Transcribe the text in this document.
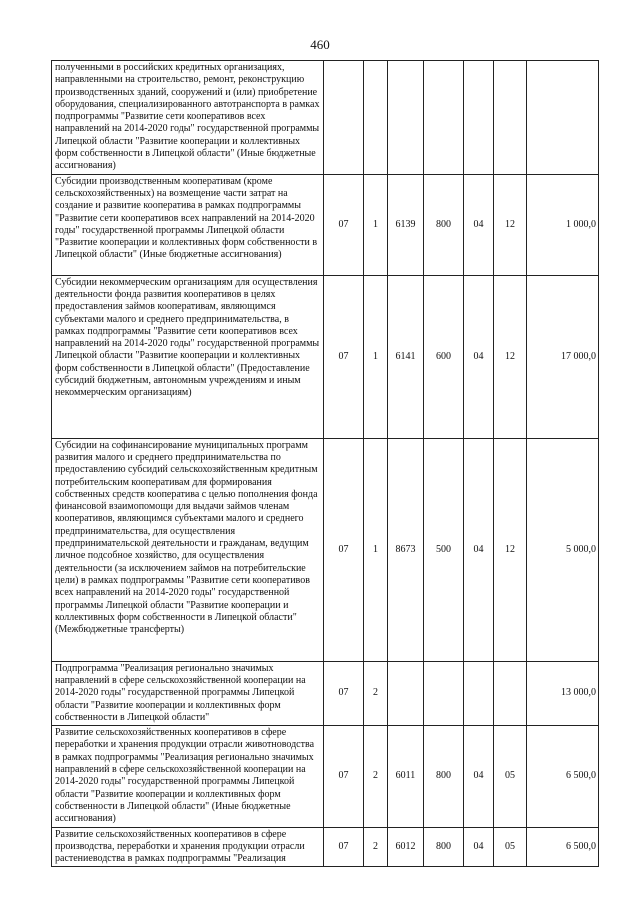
460
полученными в российских кредитных организациях, направленными на строительство, ремонт, реконструкцию производственных зданий, сооружений и (или) приобретение оборудования, специализированного автотранспорта в рамках подпрограммы "Развитие сети кооперативов всех направлений на 2014-2020 годы" государственной программы Липецкой области "Развитие кооперации и коллективных форм собственности в Липецкой области" (Иные бюджетные ассигнования)							
Субсидии производственным кооперативам (кроме сельскохозяйственных) на возмещение части затрат на создание и развитие кооператива в рамках подпрограммы "Развитие сети кооперативов всех направлений на 2014-2020 годы" государственной программы Липецкой области "Развитие кооперации и коллективных форм собственности в Липецкой области" (Иные бюджетные ассигнования)	07	1	6139	800	04	12	1 000,0
Субсидии некоммерческим организациям для осуществления деятельности фонда развития кооперативов в целях предоставления займов кооперативам, являющимся субъектами малого и среднего предпринимательства, в рамках подпрограммы "Развитие сети кооперативов всех направлений на 2014-2020 годы" государственной программы Липецкой области "Развитие кооперации и коллективных форм собственности в Липецкой области" (Предоставление субсидий бюджетным, автономным учреждениям и иным некоммерческим организациям)	07	1	6141	600	04	12	17 000,0
Субсидии на софинансирование муниципальных программ развития малого и среднего предпринимательства по предоставлению субсидий сельскохозяйственным кредитным потребительским кооперативам для формирования собственных средств кооператива с целью пополнения фонда финансовой взаимопомощи для выдачи займов членам кооперативов, являющимся субъектами малого и среднего предпринимательства, для осуществления предпринимательской деятельности и гражданам, ведущим личное подсобное хозяйство, для осуществления деятельности (за исключением займов на потребительские цели) в рамках подпрограммы "Развитие сети кооперативов всех направлений на 2014-2020 годы" государственной программы Липецкой области "Развитие кооперации и коллективных форм собственности в Липецкой области" (Межбюджетные трансферты)	07	1	8673	500	04	12	5 000,0
Подпрограмма "Реализация регионально значимых направлений в сфере сельскохозяйственной кооперации на 2014-2020 годы" государственной программы Липецкой области "Развитие кооперации и коллективных форм собственности в Липецкой области"	07	2					13 000,0
Развитие сельскохозяйственных кооперативов в сфере переработки и хранения продукции отрасли животноводства в рамках подпрограммы "Реализация регионально значимых направлений в сфере сельскохозяйственной кооперации на 2014-2020 годы" государственной программы Липецкой области "Развитие кооперации и коллективных форм собственности в Липецкой области" (Иные бюджетные ассигнования)	07	2	6011	800	04	05	6 500,0
Развитие сельскохозяйственных кооперативов в сфере производства, переработки и хранения продукции отрасли растениеводства в рамках подпрограммы "Реализация	07	2	6012	800	04	05	6 500,0
